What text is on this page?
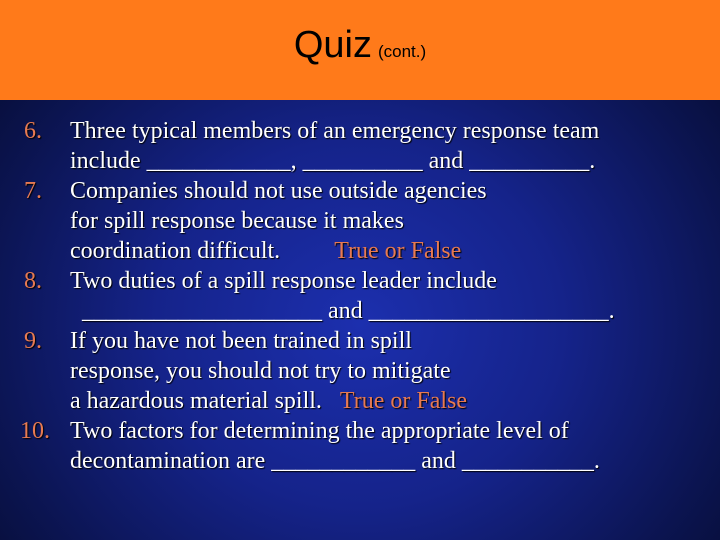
Quiz (cont.)
6. Three typical members of an emergency response team
include ____________, __________ and __________.
7. Companies should not use outside agencies
for spill response because it makes
coordination difficult. True or False
8. Two duties of a spill response leader include
____________________ and ____________________.
9. If you have not been trained in spill
response, you should not try to mitigate
a hazardous material spill. True or False
10. Two factors for determining the appropriate level of
decontamination are ____________ and ___________.
